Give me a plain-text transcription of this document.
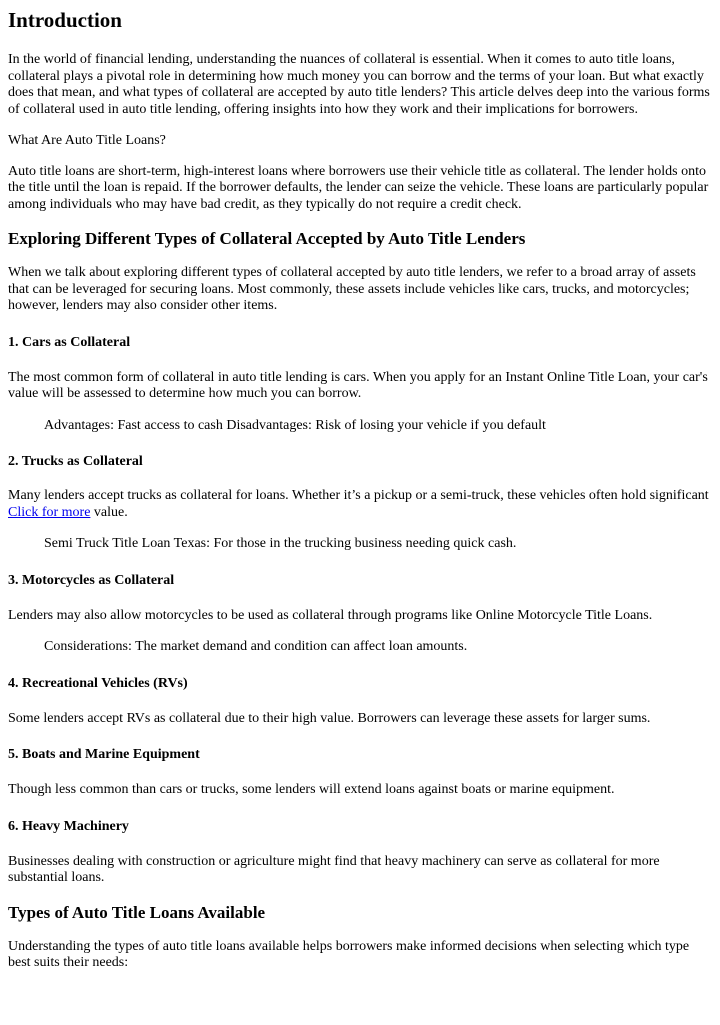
Introduction

In the world of financial lending, understanding the nuances of collateral is essential. When it comes to auto title loans, collateral plays a pivotal role in determining how much money you can borrow and the terms of your loan. But what exactly does that mean, and what types of collateral are accepted by auto title lenders? This article delves deep into the various forms of collateral used in auto title lending, offering insights into how they work and their implications for borrowers.

What Are Auto Title Loans?

Auto title loans are short-term, high-interest loans where borrowers use their vehicle title as collateral. The lender holds onto the title until the loan is repaid. If the borrower defaults, the lender can seize the vehicle. These loans are particularly popular among individuals who may have bad credit, as they typically do not require a credit check.

Exploring Different Types of Collateral Accepted by Auto Title Lenders

When we talk about exploring different types of collateral accepted by auto title lenders, we refer to a broad array of assets that can be leveraged for securing loans. Most commonly, these assets include vehicles like cars, trucks, and motorcycles; however, lenders may also consider other items.

1. Cars as Collateral

The most common form of collateral in auto title lending is cars. When you apply for an Instant Online Title Loan, your car's value will be assessed to determine how much you can borrow.

Advantages: Fast access to cash Disadvantages: Risk of losing your vehicle if you default
2. Trucks as Collateral

Many lenders accept trucks as collateral for loans. Whether it’s a pickup or a semi-truck, these vehicles often hold significant Click for more value.

Semi Truck Title Loan Texas: For those in the trucking business needing quick cash.
3. Motorcycles as Collateral

Lenders may also allow motorcycles to be used as collateral through programs like Online Motorcycle Title Loans.

Considerations: The market demand and condition can affect loan amounts.
4. Recreational Vehicles (RVs)

Some lenders accept RVs as collateral due to their high value. Borrowers can leverage these assets for larger sums.

5. Boats and Marine Equipment

Though less common than cars or trucks, some lenders will extend loans against boats or marine equipment.

6. Heavy Machinery

Businesses dealing with construction or agriculture might find that heavy machinery can serve as collateral for more substantial loans.

Types of Auto Title Loans Available

Understanding the types of auto title loans available helps borrowers make informed decisions when selecting which type best suits their needs:
